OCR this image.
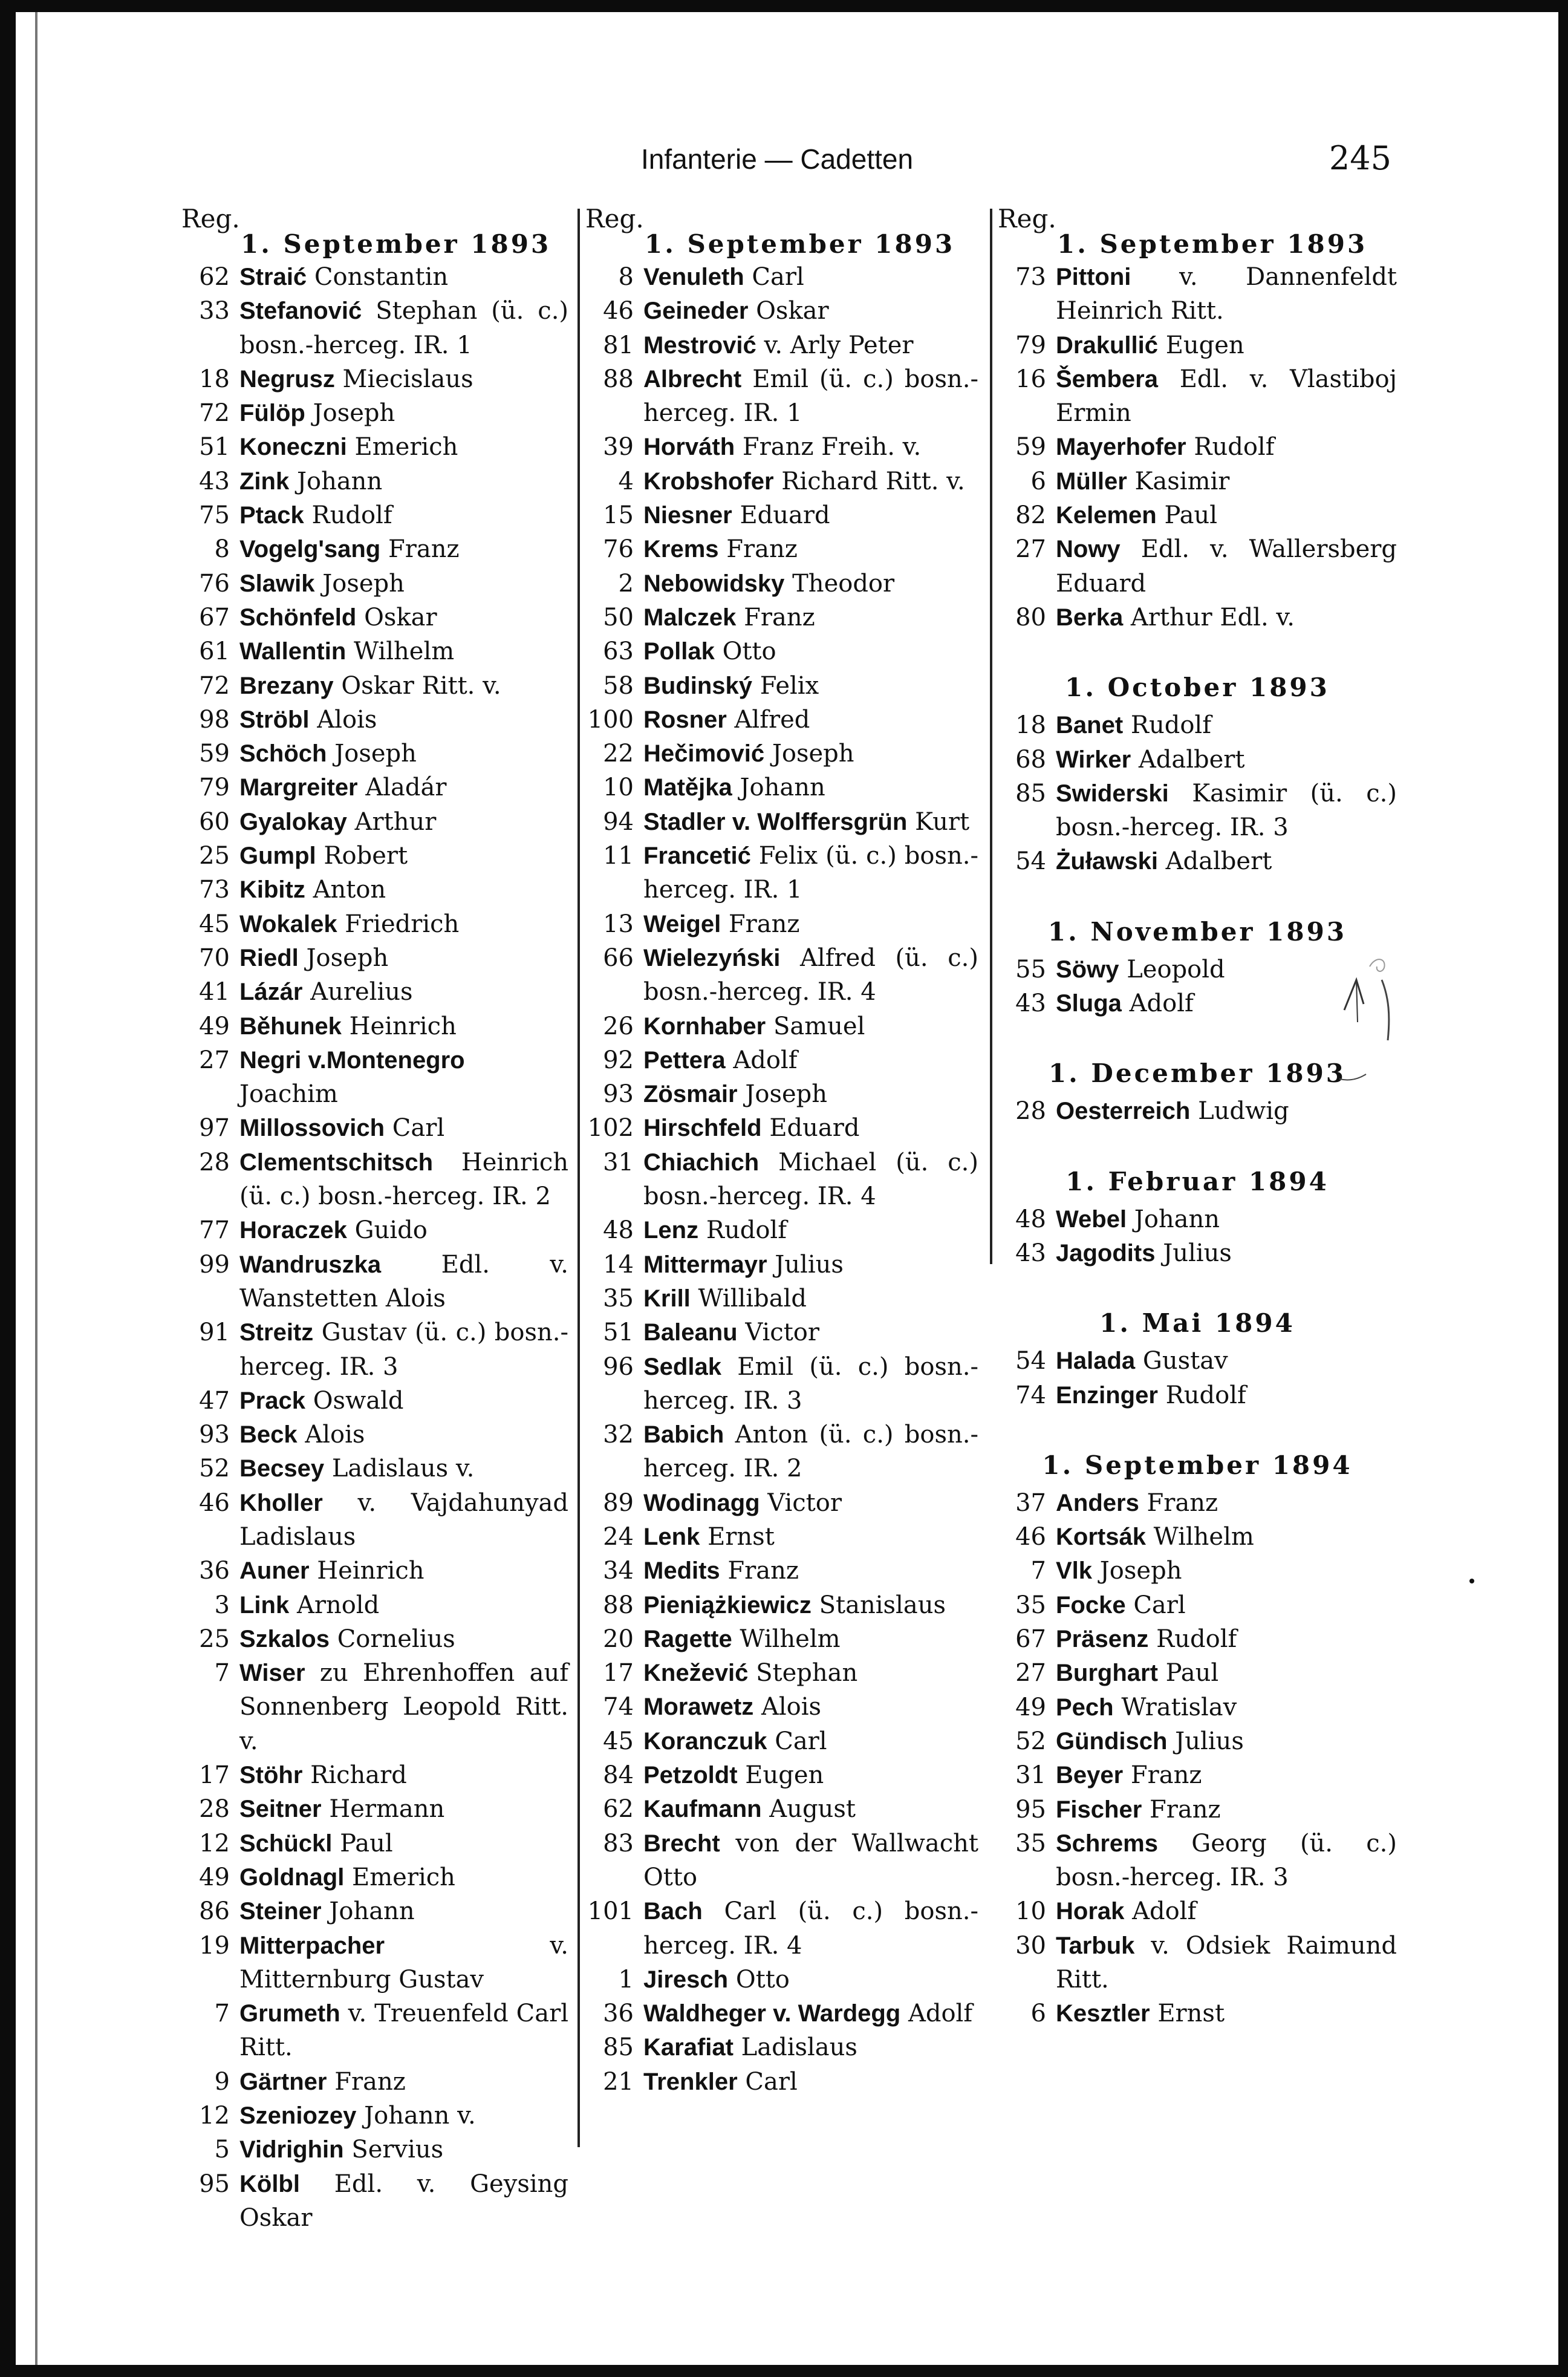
Infanterie — Cadetten	245
Reg.
1. September 1893
62 Straić Constantin
33 Stefanović Stephan (ü. c.) bosn.-herceg. IR. 1
18 Negrusz Miecislaus
72 Fülöp Joseph
51 Koneczni Emerich
43 Zink Johann
75 Ptack Rudolf
8 Vogelg'sang Franz
76 Slawik Joseph
67 Schönfeld Oskar
61 Wallentin Wilhelm
72 Brezany Oskar Ritt. v.
98 Ströbl Alois
59 Schöch Joseph
79 Margreiter Aladár
60 Gyalokay Arthur
25 Gumpl Robert
73 Kibitz Anton
45 Wokalek Friedrich
70 Riedl Joseph
41 Lázár Aurelius
49 Běhunek Heinrich
27 Negri v.Montenegro Joachim
97 Millossovich Carl
28 Clementschitsch Heinrich (ü. c.) bosn.-herceg. IR. 2
77 Horaczek Guido
99 Wandruszka Edl. v. Wanstetten Alois
91 Streitz Gustav (ü. c.) bosn.-herceg. IR. 3
47 Prack Oswald
93 Beck Alois
52 Becsey Ladislaus v.
46 Kholler v. Vajdahunyad Ladislaus
36 Auner Heinrich
3 Link Arnold
25 Szkalos Cornelius
7 Wiser zu Ehrenhoffen auf Sonnenberg Leopold Ritt. v.
17 Stöhr Richard
28 Seitner Hermann
12 Schückl Paul
49 Goldnagl Emerich
86 Steiner Johann
19 Mitterpacher	v. Mitternburg Gustav
7 Grumeth v. Treuenfeld Carl Ritt.
9 Gärtner Franz
12 Szeniozey Johann v.
5 Vidrighin Servius
95 Kölbl Edl. v. Geysing Oskar
Reg.
1. September 1893
8 Venuleth Carl
46 Geineder Oskar
81 Mestrović v. Arly Peter
88 Albrecht Emil (ü. c.) bosn.-herceg. IR. 1
39 Horváth Franz Freih. v.
4 Krobshofer Richard Ritt. v.
15 Niesner Eduard
76 Krems Franz
2 Nebowidsky Theodor
50 Malczek Franz
63 Pollak Otto
58 Budinský Felix
100 Rosner Alfred
22 Hečimović Joseph
10 Matějka Johann
94 Stadler v. Wolffersgrün Kurt
11 Francetić Felix (ü. c.) bosn.-herceg. IR. 1
13 Weigel Franz
66 Wielezyński Alfred (ü. c.) bosn.-herceg. IR. 4
26 Kornhaber Samuel
92 Pettera Adolf
93 Zösmair Joseph
102 Hirschfeld Eduard
31 Chiachich Michael (ü. c.) bosn.-herceg. IR. 4
48 Lenz Rudolf
14 Mittermayr Julius
35 Krill Willibald
51 Baleanu Victor
96 Sedlak Emil (ü. c.) bosn.-herceg. IR. 3
32 Babich Anton (ü. c.) bosn.-herceg. IR. 2
89 Wodinagg Victor
24 Lenk Ernst
34 Medits Franz
88 Pieniążkiewicz Stanislaus
20 Ragette Wilhelm
17 Knežević Stephan
74 Morawetz Alois
45 Koranczuk Carl
84 Petzoldt Eugen
62 Kaufmann August
83 Brecht von der Wallwacht Otto
101 Bach Carl (ü. c.) bosn.-herceg. IR. 4
1 Jiresch Otto
36 Waldheger v. Wardegg Adolf
85 Karafiat Ladislaus
21 Trenkler Carl
Reg.
1. September 1893
73 Pittoni v. Dannenfeldt Heinrich Ritt.
79 Drakullić Eugen
16 Šembera Edl. v. Vlastiboj Ermin
59 Mayerhofer Rudolf
6 Müller Kasimir
82 Kelemen Paul
27 Nowy Edl. v. Wallersberg Eduard
80 Berka Arthur Edl. v.
1. October 1893
18 Banet Rudolf
68 Wirker Adalbert
85 Swiderski Kasimir (ü. c.) bosn.-herceg. IR. 3
54 Żuławski Adalbert
1. November 1893
55 Söwy Leopold
43 Sluga Adolf
1. December 1893
28 Oesterreich Ludwig
1. Februar 1894
48 Webel Johann
43 Jagodits Julius
1. Mai 1894
54 Halada Gustav
74 Enzinger Rudolf
1. September 1894
37 Anders Franz
46 Kortsák Wilhelm
7 Vlk Joseph
35 Focke Carl
67 Präsenz Rudolf
27 Burghart Paul
49 Pech Wratislav
52 Gündisch Julius
31 Beyer Franz
95 Fischer Franz
35 Schrems Georg (ü. c.) bosn.-herceg. IR. 3
10 Horak Adolf
30 Tarbuk v. Odsiek Raimund Ritt.
6 Kesztler Ernst
